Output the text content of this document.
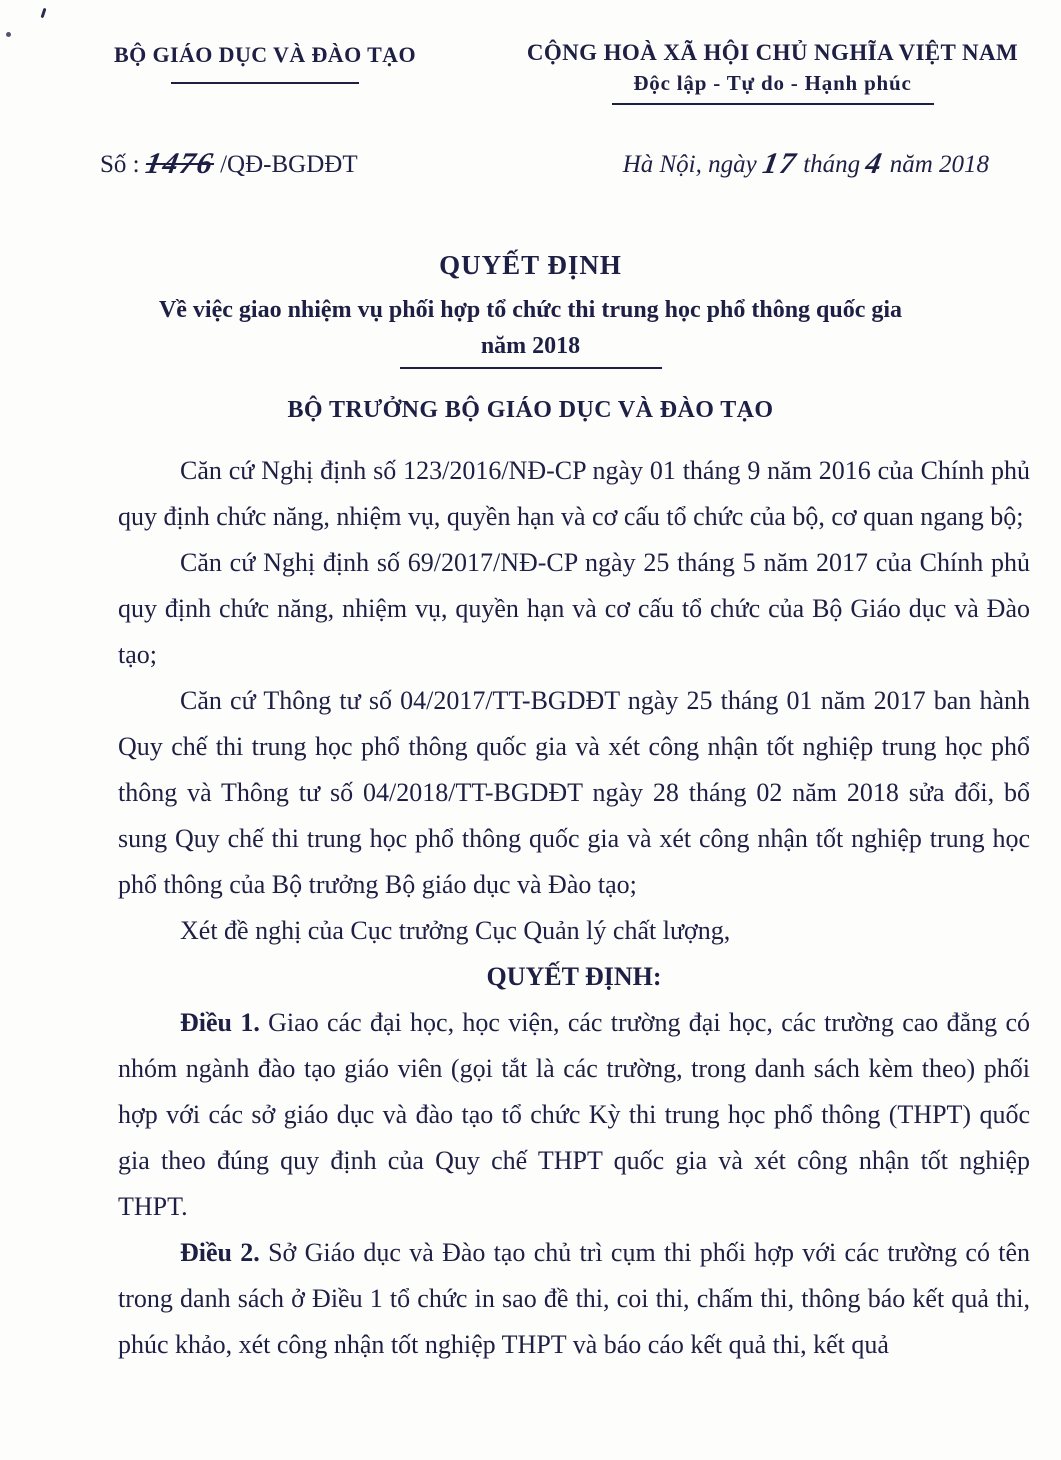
BỘ GIÁO DỤC VÀ ĐÀO TẠO	CỘNG HOÀ XÃ HỘI CHỦ NGHĨA VIỆT NAM
Độc lập - Tự do - Hạnh phúc
Số : 1476 /QĐ-BGDĐT	Hà Nội, ngày 17 tháng 4 năm 2018
QUYẾT ĐỊNH
Về việc giao nhiệm vụ phối hợp tổ chức thi trung học phổ thông quốc gia
năm 2018
BỘ TRƯỞNG BỘ GIÁO DỤC VÀ ĐÀO TẠO

Căn cứ Nghị định số 123/2016/NĐ-CP ngày 01 tháng 9 năm 2016 của Chính phủ quy định chức năng, nhiệm vụ, quyền hạn và cơ cấu tổ chức của bộ, cơ quan ngang bộ;

Căn cứ Nghị định số 69/2017/NĐ-CP ngày 25 tháng 5 năm 2017 của Chính phủ quy định chức năng, nhiệm vụ, quyền hạn và cơ cấu tổ chức của Bộ Giáo dục và Đào tạo;

Căn cứ Thông tư số 04/2017/TT-BGDĐT ngày 25 tháng 01 năm 2017 ban hành Quy chế thi trung học phổ thông quốc gia và xét công nhận tốt nghiệp trung học phổ thông và Thông tư số 04/2018/TT-BGDĐT ngày 28 tháng 02 năm 2018 sửa đổi, bổ sung Quy chế thi trung học phổ thông quốc gia và xét công nhận tốt nghiệp trung học phổ thông của Bộ trưởng Bộ giáo dục và Đào tạo;

Xét đề nghị của Cục trưởng Cục Quản lý chất lượng,

QUYẾT ĐỊNH:

Điều 1. Giao các đại học, học viện, các trường đại học, các trường cao đẳng có nhóm ngành đào tạo giáo viên (gọi tắt là các trường, trong danh sách kèm theo) phối hợp với các sở giáo dục và đào tạo tổ chức Kỳ thi trung học phổ thông (THPT) quốc gia theo đúng quy định của Quy chế THPT quốc gia và xét công nhận tốt nghiệp THPT.

Điều 2. Sở Giáo dục và Đào tạo chủ trì cụm thi phối hợp với các trường có tên trong danh sách ở Điều 1 tổ chức in sao đề thi, coi thi, chấm thi, thông báo kết quả thi, phúc khảo, xét công nhận tốt nghiệp THPT và báo cáo kết quả thi, kết quả
